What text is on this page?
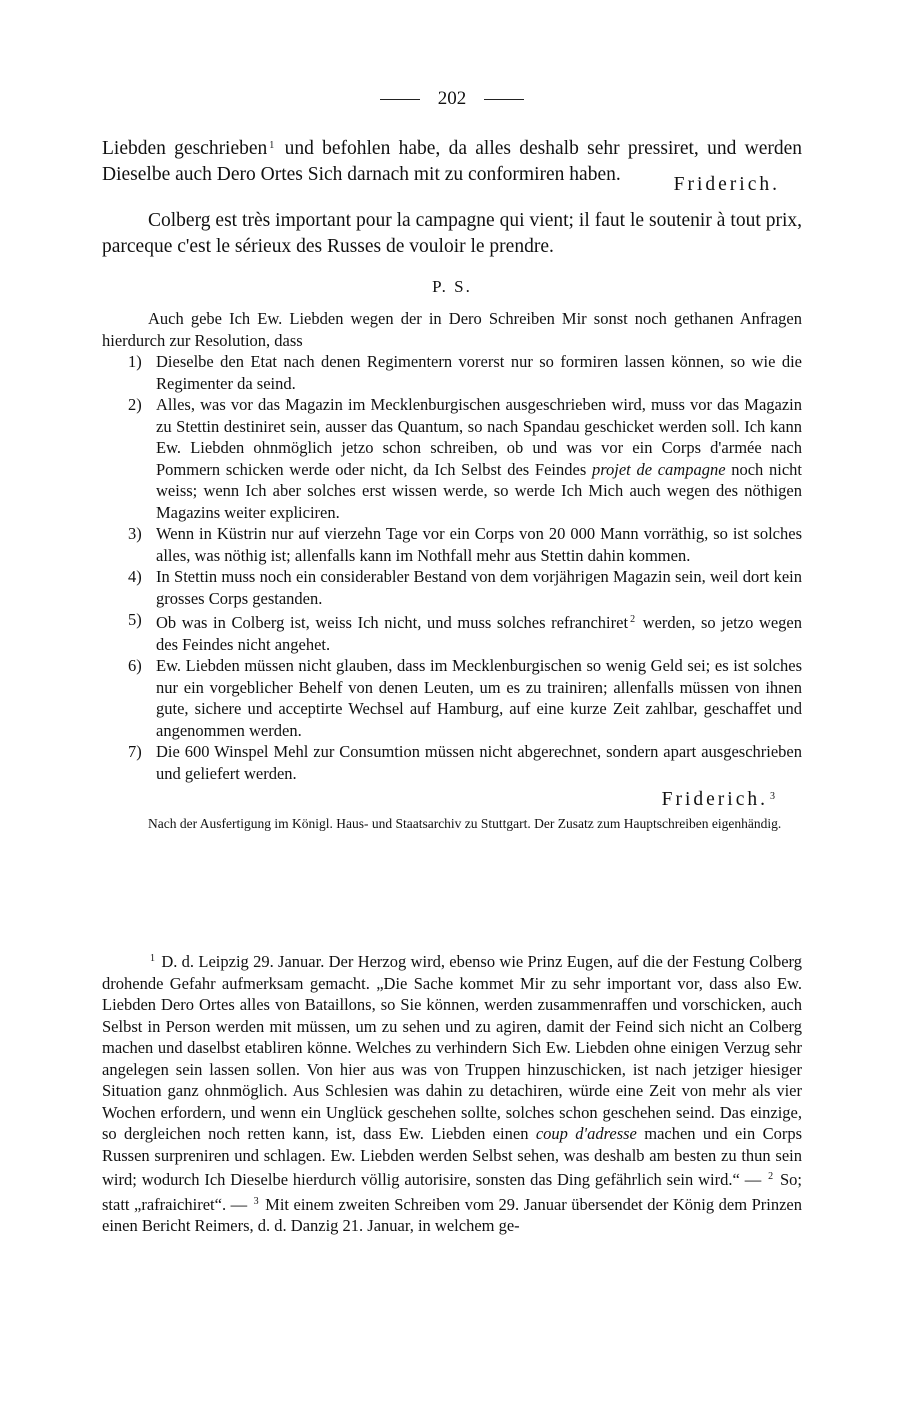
202

Liebden geschrieben $^1$ und befohlen habe, da alles deshalb sehr pressiret, und werden Dieselbe auch Dero Ortes Sich darnach mit zu conformiren haben.	Friderich.

Colberg est très important pour la campagne qui vient; il faut le soutenir à tout prix, parceque c'est le sérieux des Russes de vouloir le prendre.

P. S.

Auch gebe Ich Ew. Liebden wegen der in Dero Schreiben Mir sonst noch gethanen Anfragen hierdurch zur Resolution, dass

1) Dieselbe den Etat nach denen Regimentern vorerst nur so formiren lassen können, so wie die Regimenter da seind.
2) Alles, was vor das Magazin im Mecklenburgischen ausgeschrieben wird, muss vor das Magazin zu Stettin destiniret sein, ausser das Quantum, so nach Spandau geschicket werden soll. Ich kann Ew. Liebden ohnmöglich jetzo schon schreiben, ob und was vor ein Corps d'armée nach Pommern schicken werde oder nicht, da Ich Selbst des Feindes projet de campagne noch nicht weiss; wenn Ich aber solches erst wissen werde, so werde Ich Mich auch wegen des nöthigen Magazins weiter expliciren.
3) Wenn in Küstrin nur auf vierzehn Tage vor ein Corps von 20 000 Mann vorräthig, so ist solches alles, was nöthig ist; allenfalls kann im Nothfall mehr aus Stettin dahin kommen.
4) In Stettin muss noch ein considerabler Bestand von dem vorjährigen Magazin sein, weil dort kein grosses Corps gestanden.
5) Ob was in Colberg ist, weiss Ich nicht, und muss solches refranchiret $^2$ werden, so jetzo wegen des Feindes nicht angehet.
6) Ew. Liebden müssen nicht glauben, dass im Mecklenburgischen so wenig Geld sei; es ist solches nur ein vorgeblicher Behelf von denen Leuten, um es zu trainiren; allenfalls müssen von ihnen gute, sichere und acceptirte Wechsel auf Hamburg, auf eine kurze Zeit zahlbar, geschaffet und angenommen werden.
7) Die 600 Winspel Mehl zur Consumtion müssen nicht abgerechnet, sondern apart ausgeschrieben und geliefert werden.

Friderich. $^3$

Nach der Ausfertigung im Königl. Haus- und Staatsarchiv zu Stuttgart. Der Zusatz zum Hauptschreiben eigenhändig.

$^1$ D. d. Leipzig 29. Januar. Der Herzog wird, ebenso wie Prinz Eugen, auf die der Festung Colberg drohende Gefahr aufmerksam gemacht. „Die Sache kommet Mir zu sehr important vor, dass also Ew. Liebden Dero Ortes alles von Bataillons, so Sie können, werden zusammenraffen und vorschicken, auch Selbst in Person werden mit müssen, um zu sehen und zu agiren, damit der Feind sich nicht an Colberg machen und daselbst etabliren könne. Welches zu verhindern Sich Ew. Liebden ohne einigen Verzug sehr angelegen sein lassen sollen. Von hier aus was von Truppen hinzuschicken, ist nach jetziger hiesiger Situation ganz ohnmöglich. Aus Schlesien was dahin zu detachiren, würde eine Zeit von mehr als vier Wochen erfordern, und wenn ein Unglück geschehen sollte, solches schon geschehen seind. Das einzige, so dergleichen noch retten kann, ist, dass Ew. Liebden einen coup d'adresse machen und ein Corps Russen surpreniren und schlagen. Ew. Liebden werden Selbst sehen, was deshalb am besten zu thun sein wird; wodurch Ich Dieselbe hierdurch völlig autorisire, sonsten das Ding gefährlich sein wird.“ — $^2$ So; statt „rafraichiret“. — $^3$ Mit einem zweiten Schreiben vom 29. Januar übersendet der König dem Prinzen einen Bericht Reimers, d. d. Danzig 21. Januar, in welchem ge-
